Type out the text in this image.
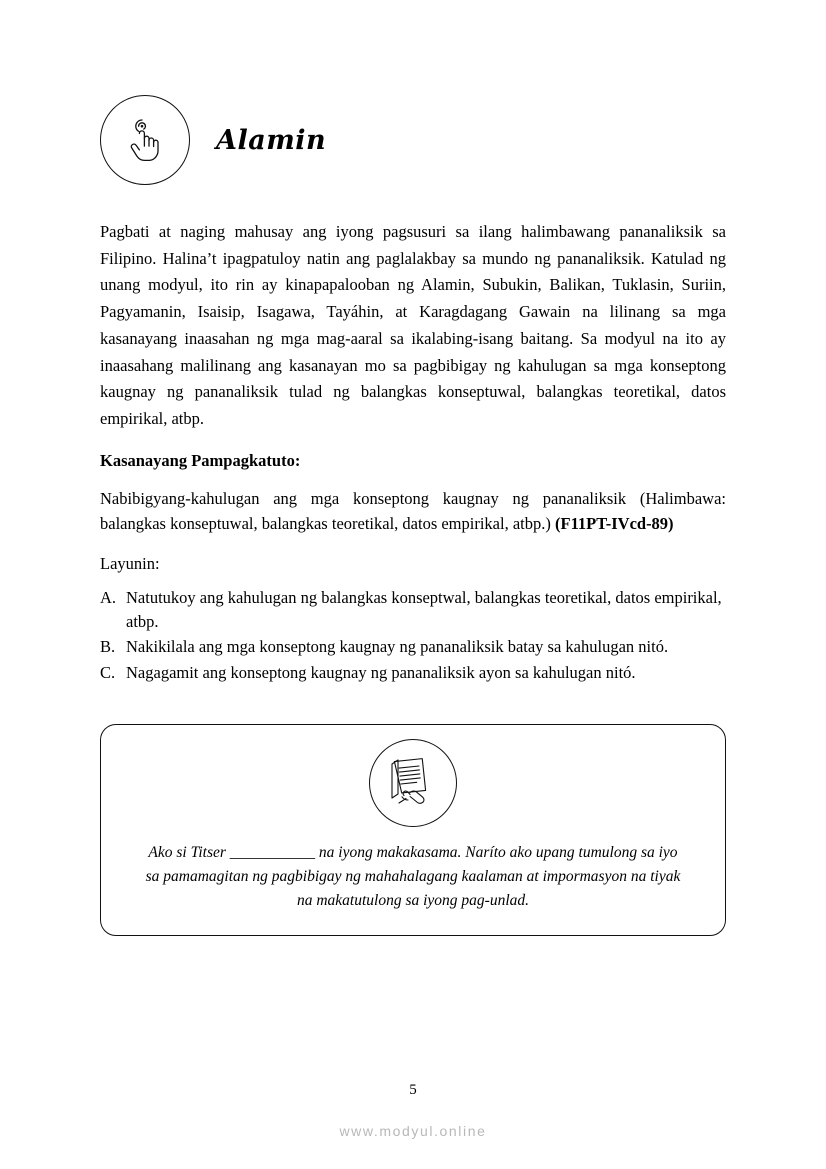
Alamin

Pagbati at naging mahusay ang iyong pagsusuri sa ilang halimbawang pananaliksik sa Filipino. Halina’t ipagpatuloy natin ang paglalakbay sa mundo ng pananaliksik. Katulad ng unang modyul, ito rin ay kinapapalooban ng Alamin, Subukin, Balikan, Tuklasin, Suriin, Pagyamanin, Isaisip, Isagawa, Tayáhin, at Karagdagang Gawain na lilinang sa mga kasanayang inaasahan ng mga mag-aaral sa ikalabing-isang baitang. Sa modyul na ito ay inaasahang malilinang ang kasanayan mo sa pagbibigay ng kahulugan sa mga konseptong kaugnay ng pananaliksik tulad ng balangkas konseptuwal, balangkas teoretikal, datos empirikal, atbp.

Kasanayang Pampagkatuto:

Nabibigyang-kahulugan ang mga konseptong kaugnay ng pananaliksik (Halimbawa: balangkas konseptuwal, balangkas teoretikal, datos empirikal, atbp.) (F11PT-IVcd-89)

Layunin:

A. Natutukoy ang kahulugan ng balangkas konseptwal, balangkas teoretikal, datos empirikal, atbp.
B. Nakikilala ang mga konseptong kaugnay ng pananaliksik batay sa kahulugan nitó.
C. Nagagamit ang konseptong kaugnay ng pananaliksik ayon sa kahulugan nitó.
Ako si Titser ___________ na iyong makakasama. Naríto ako upang tumulong sa iyo sa pamamagitan ng pagbibigay ng mahahalagang kaalaman at impormasyon na tiyak na makatutulong sa iyong pag-unlad.
5
www.modyul.online
